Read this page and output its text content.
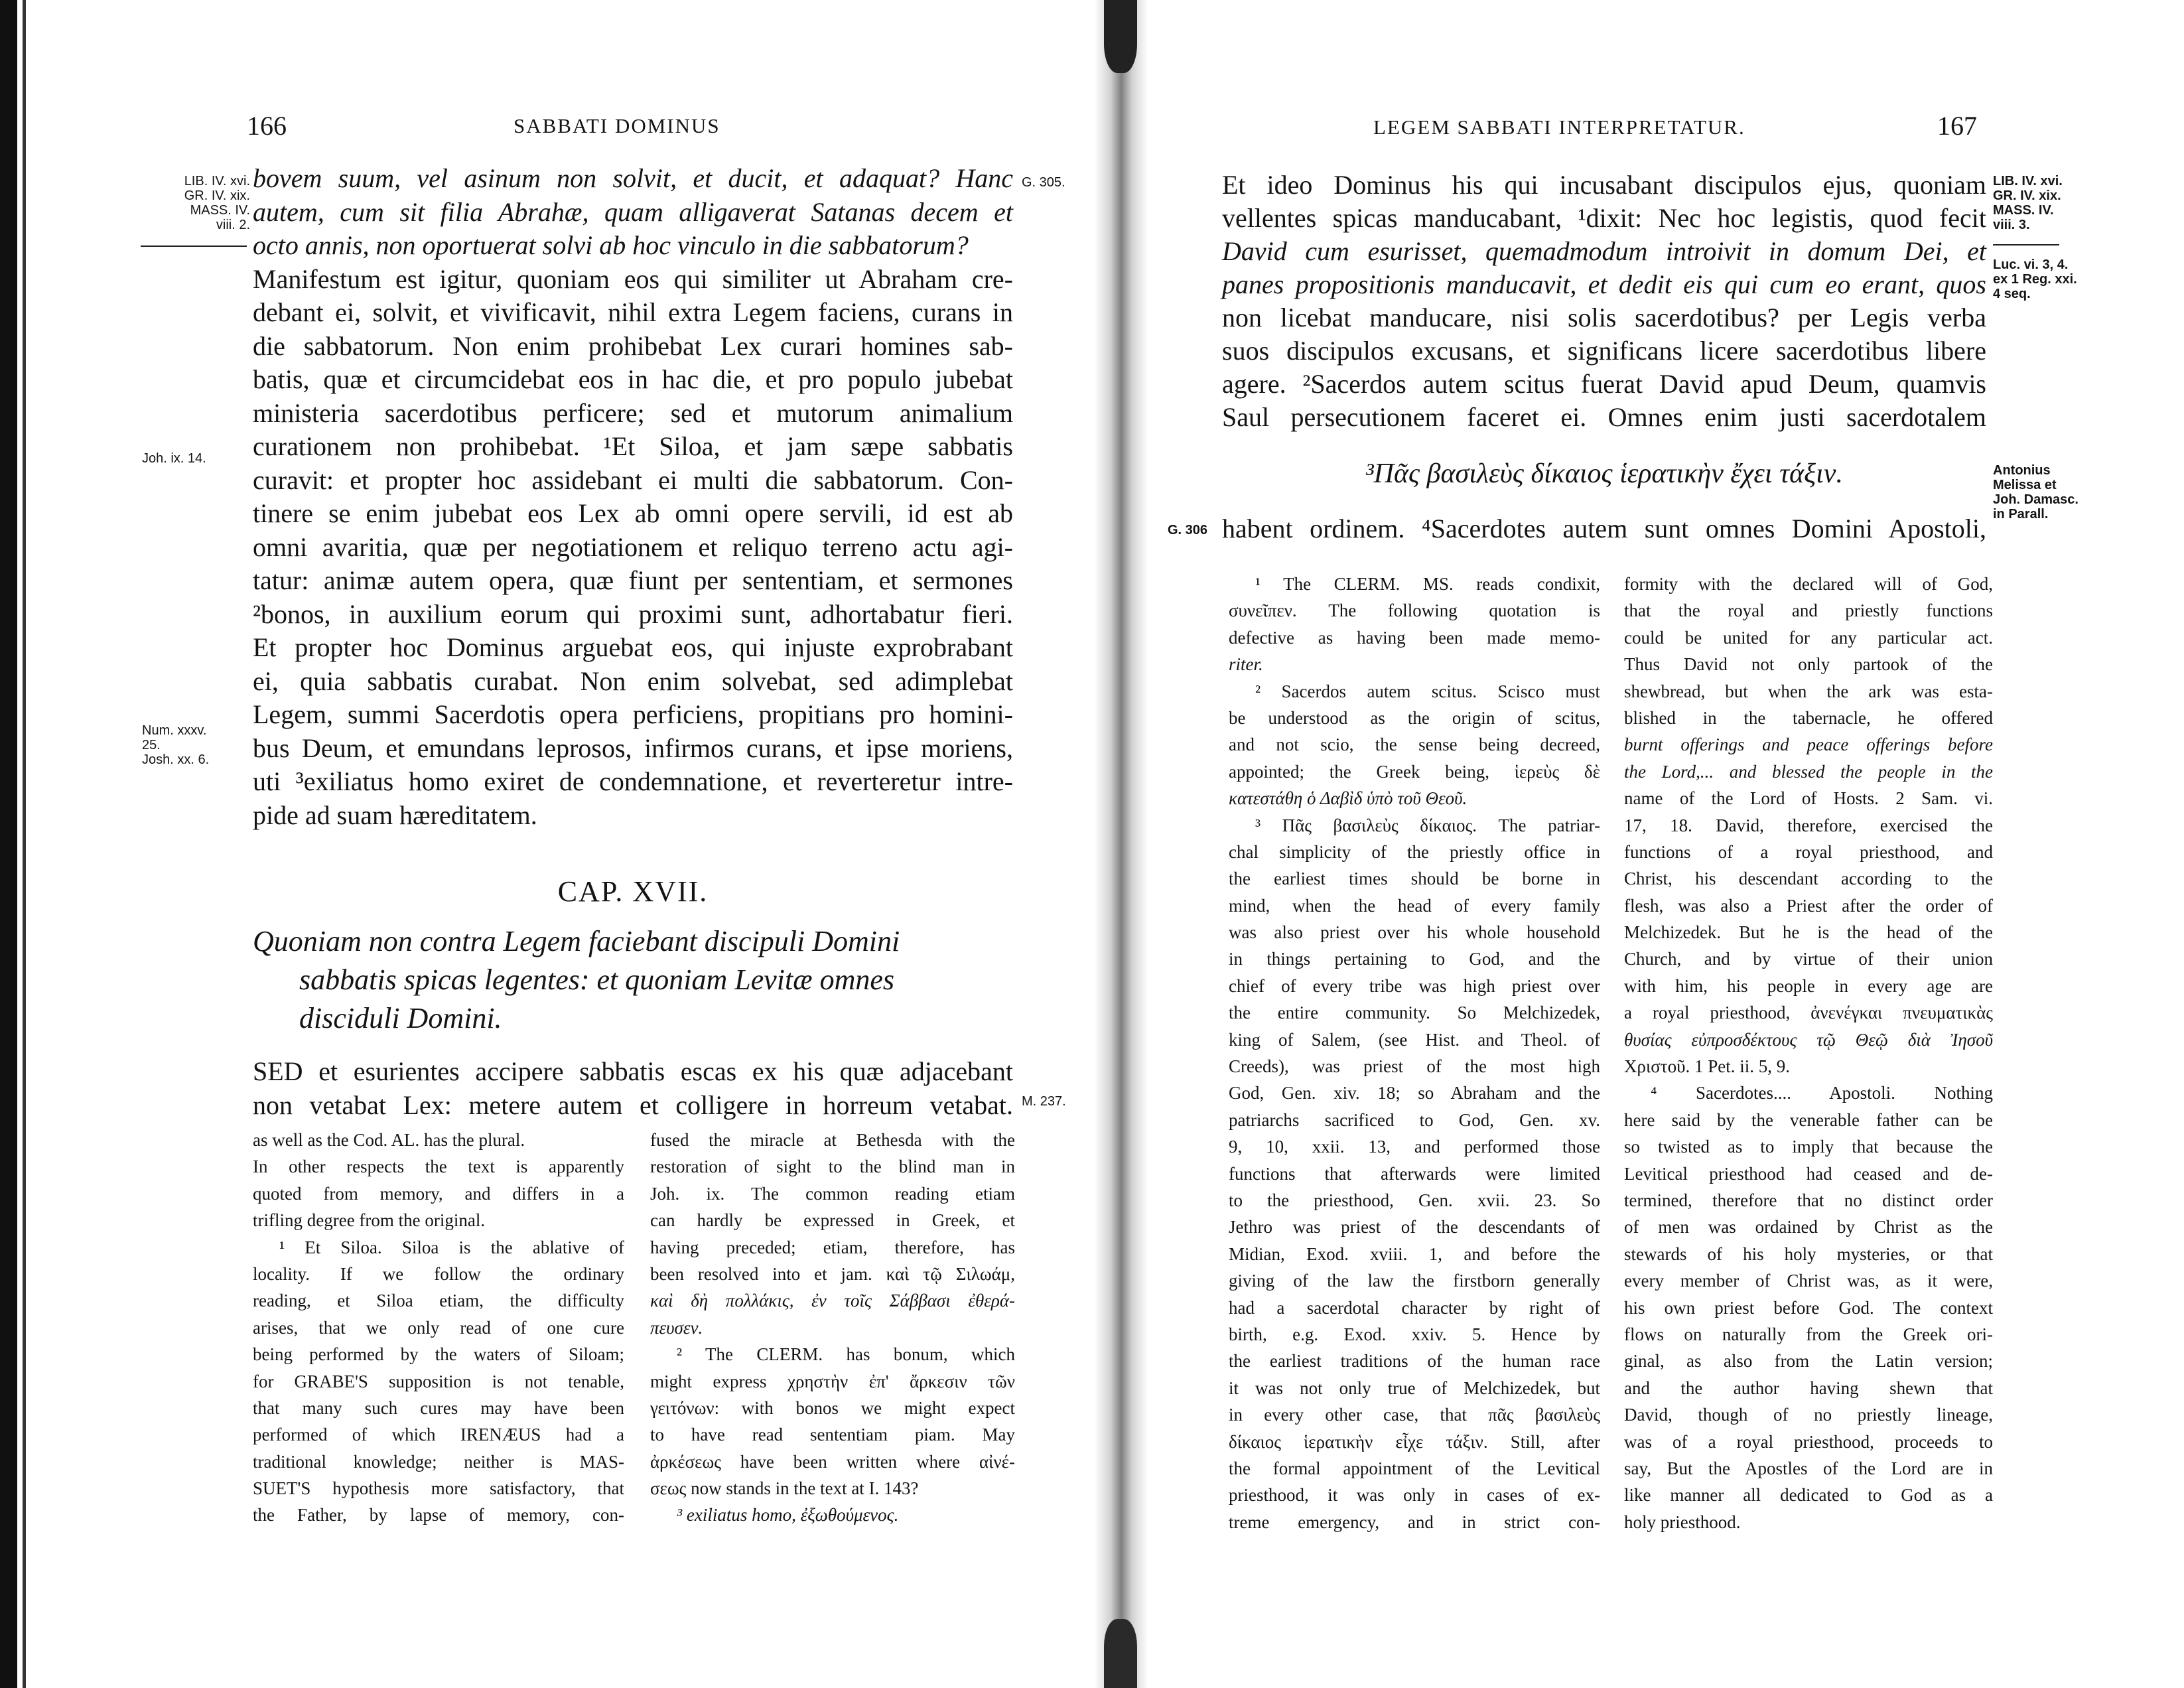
166	SABBATI DOMINUS
LIB. IV. xvi.
GR. IV. xix.
MASS. IV.
viii. 2.
G. 305.
Joh. ix. 14.
Num. xxxv.
25.
Josh. xx. 6.
M. 237.
bovem suum, vel asinum non solvit, et ducit, et adaquat? Hanc
autem, cum sit filia Abrahæ, quam alligaverat Satanas decem et
octo annis, non oportuerat solvi ab hoc vinculo in die sabbatorum?
Manifestum est igitur, quoniam eos qui similiter ut Abraham cre-
debant ei, solvit, et vivificavit, nihil extra Legem faciens, curans in
die sabbatorum. Non enim prohibebat Lex curari homines sab-
batis, quæ et circumcidebat eos in hac die, et pro populo jubebat
ministeria sacerdotibus perficere; sed et mutorum animalium
curationem non prohibebat. ¹Et Siloa, et jam sæpe sabbatis
curavit: et propter hoc assidebant ei multi die sabbatorum. Con-
tinere se enim jubebat eos Lex ab omni opere servili, id est ab
omni avaritia, quæ per negotiationem et reliquo terreno actu agi-
tatur: animæ autem opera, quæ fiunt per sententiam, et sermones
²bonos, in auxilium eorum qui proximi sunt, adhortabatur fieri.
Et propter hoc Dominus arguebat eos, qui injuste exprobrabant
ei, quia sabbatis curabat. Non enim solvebat, sed adimplebat
Legem, summi Sacerdotis opera perficiens, propitians pro homini-
bus Deum, et emundans leprosos, infirmos curans, et ipse moriens,
uti ³exiliatus homo exiret de condemnatione, et reverteretur intre-
pide ad suam hæreditatem.
CAP. XVII.
Quoniam non contra Legem faciebant discipuli Domini
sabbatis spicas legentes: et quoniam Levitæ omnes
disciduli Domini.
SED et esurientes accipere sabbatis escas ex his quæ adjacebant
non vetabat Lex: metere autem et colligere in horreum vetabat.
as well as the Cod. AL. has the plural.
In other respects the text is apparently
quoted from memory, and differs in a
trifling degree from the original.
¹ Et Siloa. Siloa is the ablative of
locality. If we follow the ordinary
reading, et Siloa etiam, the difficulty
arises, that we only read of one cure
being performed by the waters of Siloam;
for GRABE'S supposition is not tenable,
that many such cures may have been
performed of which IRENÆUS had a
traditional knowledge; neither is MAS-
SUET'S hypothesis more satisfactory, that
the Father, by lapse of memory, con-
fused the miracle at Bethesda with the
restoration of sight to the blind man in
Joh. ix. The common reading etiam
can hardly be expressed in Greek, et
having preceded; etiam, therefore, has
been resolved into et jam. καὶ τῷ Σιλωάμ,
καὶ δὴ πολλάκις, ἐν τοῖς Σάββασι ἐθερά-
πευσεν.
² The CLERM. has bonum, which
might express χρηστὴν ἐπ' ἄρκεσιν τῶν
γειτόνων: with bonos we might expect
to have read sententiam piam. May
ἀρκέσεως have been written where αἰνέ-
σεως now stands in the text at I. 143?
³ exiliatus homo, ἐξωθούμενος.
LEGEM SABBATI INTERPRETATUR.	167
LIB. IV. xvi.
GR. IV. xix.
MASS. IV.
viii. 3.
Luc. vi. 3, 4.
ex 1 Reg. xxi.
4 seq.
Antonius
Melissa et
Joh. Damasc.
in Parall.
G. 306
Et ideo Dominus his qui incusabant discipulos ejus, quoniam
vellentes spicas manducabant, ¹dixit: Nec hoc legistis, quod fecit
David cum esurisset, quemadmodum introivit in domum Dei, et
panes propositionis manducavit, et dedit eis qui cum eo erant, quos
non licebat manducare, nisi solis sacerdotibus? per Legis verba
suos discipulos excusans, et significans licere sacerdotibus libere
agere. ²Sacerdos autem scitus fuerat David apud Deum, quamvis
Saul persecutionem faceret ei. Omnes enim justi sacerdotalem
³Πᾶς βασιλεὺς δίκαιος ἱερατικὴν ἔχει τάξιν.
habent ordinem. ⁴Sacerdotes autem sunt omnes Domini Apostoli,
¹ The CLERM. MS. reads condixit,
συνεῖπεν. The following quotation is
defective as having been made memo-
riter.
² Sacerdos autem scitus. Scisco must
be understood as the origin of scitus,
and not scio, the sense being decreed,
appointed; the Greek being, ἱερεὺς δὲ
κατεστάθη ὁ Δαβὶδ ὑπὸ τοῦ Θεοῦ.
³ Πᾶς βασιλεὺς δίκαιος. The patriar-
chal simplicity of the priestly office in
the earliest times should be borne in
mind, when the head of every family
was also priest over his whole household
in things pertaining to God, and the
chief of every tribe was high priest over
the entire community. So Melchizedek,
king of Salem, (see Hist. and Theol. of
Creeds), was priest of the most high
God, Gen. xiv. 18; so Abraham and the
patriarchs sacrificed to God, Gen. xv.
9, 10, xxii. 13, and performed those
functions that afterwards were limited
to the priesthood, Gen. xvii. 23. So
Jethro was priest of the descendants of
Midian, Exod. xviii. 1, and before the
giving of the law the firstborn generally
had a sacerdotal character by right of
birth, e.g. Exod. xxiv. 5. Hence by
the earliest traditions of the human race
it was not only true of Melchizedek, but
in every other case, that πᾶς βασιλεὺς
δίκαιος ἱερατικὴν εἶχε τάξιν. Still, after
the formal appointment of the Levitical
priesthood, it was only in cases of ex-
treme emergency, and in strict con-
formity with the declared will of God,
that the royal and priestly functions
could be united for any particular act.
Thus David not only partook of the
shewbread, but when the ark was esta-
blished in the tabernacle, he offered
burnt offerings and peace offerings before
the Lord,... and blessed the people in the
name of the Lord of Hosts. 2 Sam. vi.
17, 18. David, therefore, exercised the
functions of a royal priesthood, and
Christ, his descendant according to the
flesh, was also a Priest after the order of
Melchizedek. But he is the head of the
Church, and by virtue of their union
with him, his people in every age are
a royal priesthood, ἀνενέγκαι πνευματικὰς
θυσίας εὐπροσδέκτους τῷ Θεῷ διὰ Ἰησοῦ
Χριστοῦ. 1 Pet. ii. 5, 9.
⁴ Sacerdotes.... Apostoli. Nothing
here said by the venerable father can be
so twisted as to imply that because the
Levitical priesthood had ceased and de-
termined, therefore that no distinct order
of men was ordained by Christ as the
stewards of his holy mysteries, or that
every member of Christ was, as it were,
his own priest before God. The context
flows on naturally from the Greek ori-
ginal, as also from the Latin version;
and the author having shewn that
David, though of no priestly lineage,
was of a royal priesthood, proceeds to
say, But the Apostles of the Lord are in
like manner all dedicated to God as a
holy priesthood.
